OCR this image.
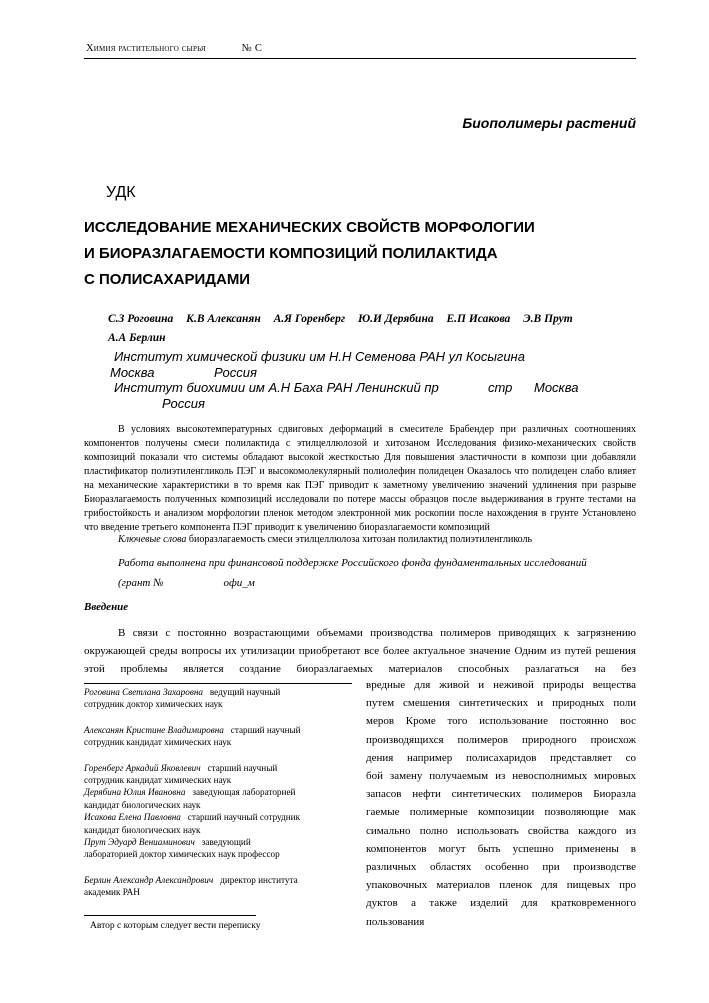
Химия растительного сырья	№ С
Биополимеры растений
УДК
ИССЛЕДОВАНИЕ МЕХАНИЧЕСКИХ СВОЙСТВ МОРФОЛОГИИ
И БИОРАЗЛАГАЕМОСТИ КОМПОЗИЦИЙ ПОЛИЛАКТИДА
С ПОЛИСАХАРИДАМИ
С.З Роговина К.В Алексанян А.Я Горенберг Ю.И Дерябина Е.П Исакова Э.В Прут
А.А Берлин
Институт химической физики им Н.Н Семенова РАН ул Косыгина
Москва	Россия
Институт биохимии им А.Н Баха РАН Ленинский пр	стр Москва
Россия

В условиях высокотемпературных сдвиговых деформаций в смесителе Брабендер при различных соотношениях компонентов получены смеси полилактида с этилцеллюлозой и хитозаном Исследования физико-механических свойств композиций показали что системы обладают высокой жесткостью Для повышения эластичности в компози ции добавляли пластификатор полиэтиленгликоль ПЭГ и высокомолекулярный полиолефин полидецен Оказалось что полидецен слабо влияет на механические характеристики в то время как ПЭГ приводит к заметному увеличению значений удлинения при разрыве Биоразлагаемость полученных композиций исследовали по потере массы образцов после выдерживания в грунте тестами на грибостойкость и анализом морфологии пленок методом электронной мик роскопии после нахождения в грунте Установлено что введение третьего компонента ПЭГ приводит к увеличению биоразлагаемости композиций

Ключевые слова биоразлагаемость смеси этилцеллюлоза хитозан полилактид полиэтиленгликоль
Работа выполнена при финансовой поддержке Российского фонда фундаментальных исследований
(грант №	офи_м
Введение

В связи с постоянно возрастающими объемами производства полимеров приводящих к загрязнению окружающей среды вопросы их утилизации приобретают все более актуальное значение Одним из путей решения этой проблемы является создание биоразлагаемых материалов способных разлагаться на без

вредные для живой и неживой природы вещества
путем смешения синтетических и природных поли
меров Кроме того использование постоянно вос
производящихся полимеров природного происхож
дения например полисахаридов представляет со
бой замену получаемым из невосполнимых мировых
запасов нефти синтетических полимеров Биоразла
гаемые полимерные композиции позволяющие мак
симально полно использовать свойства каждого из
компонентов могут быть успешно применены в
различных областях особенно при производстве
упаковочных материалов пленок для пищевых про
дуктов а также изделий для кратковременного
пользования
Роговина Светлана Захаровна ведущий научный
сотрудник доктор химических наук
Алексанян Кристине Владимировна старший научный
сотрудник кандидат химических наук
Горенберг Аркадий Яковлевич старший научный
сотрудник кандидат химических наук
Дерябина Юлия Ивановна заведующая лабораторией
кандидат биологических наук
Исакова Елена Павловна старший научный сотрудник
кандидат биологических наук
Прут Эдуард Вениаминович заведующий
лабораторией доктор химических наук профессор
Берлин Александр Александрович директор института
академик РАН
Автор с которым следует вести переписку
